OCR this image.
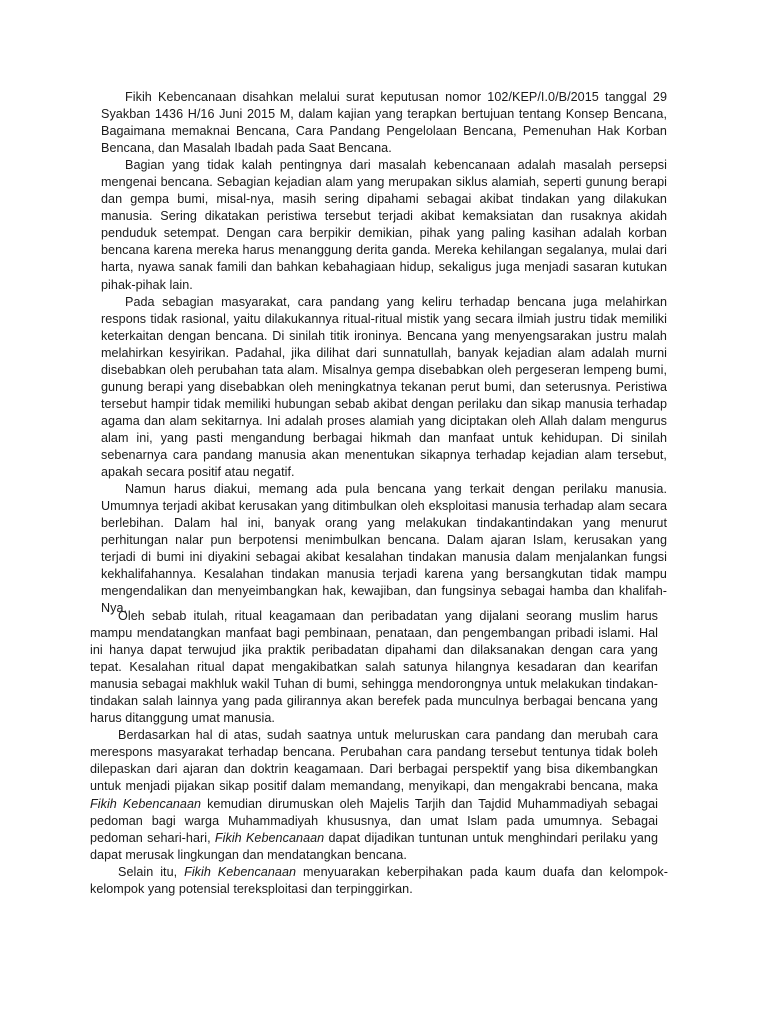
Fikih Kebencanaan disahkan melalui surat keputusan nomor 102/KEP/I.0/B/2015 tanggal 29 Syakban 1436 H/16 Juni 2015 M, dalam kajian yang terapkan bertujuan tentang Konsep Bencana, Bagaimana memaknai Bencana, Cara Pandang Pengelolaan Bencana, Pemenuhan Hak Korban Bencana, dan Masalah Ibadah pada Saat Bencana.

Bagian yang tidak kalah pentingnya dari masalah kebencanaan adalah masalah persepsi mengenai bencana. Sebagian kejadian alam yang merupakan siklus alamiah, seperti gunung berapi dan gempa bumi, misal-nya, masih sering dipahami sebagai akibat tindakan yang dilakukan manusia. Sering dikatakan peristiwa tersebut terjadi akibat kemaksiatan dan rusaknya akidah penduduk setempat. Dengan cara berpikir demikian, pihak yang paling kasihan adalah korban bencana karena mereka harus menanggung derita ganda. Mereka kehilangan segalanya, mulai dari harta, nyawa sanak famili dan bahkan kebahagiaan hidup, sekaligus juga menjadi sasaran kutukan pihak-pihak lain.

Pada sebagian masyarakat, cara pandang yang keliru terhadap bencana juga melahirkan respons tidak rasional, yaitu dilakukannya ritual-ritual mistik yang secara ilmiah justru tidak memiliki keterkaitan dengan bencana. Di sinilah titik ironinya. Bencana yang menyengsarakan justru malah melahirkan kesyirikan. Padahal, jika dilihat dari sunnatullah, banyak kejadian alam adalah murni disebabkan oleh perubahan tata alam. Misalnya gempa disebabkan oleh pergeseran lempeng bumi, gunung berapi yang disebabkan oleh meningkatnya tekanan perut bumi, dan seterusnya. Peristiwa tersebut hampir tidak memiliki hubungan sebab akibat dengan perilaku dan sikap manusia terhadap agama dan alam sekitarnya. Ini adalah proses alamiah yang diciptakan oleh Allah dalam mengurus alam ini, yang pasti mengandung berbagai hikmah dan manfaat untuk kehidupan. Di sinilah sebenarnya cara pandang manusia akan menentukan sikapnya terhadap kejadian alam tersebut, apakah secara positif atau negatif.

Namun harus diakui, memang ada pula bencana yang terkait dengan perilaku manusia. Umumnya terjadi akibat kerusakan yang ditimbulkan oleh eksploitasi manusia terhadap alam secara berlebihan. Dalam hal ini, banyak orang yang melakukan tindakantindakan yang menurut perhitungan nalar pun berpotensi menimbulkan bencana. Dalam ajaran Islam, kerusakan yang terjadi di bumi ini diyakini sebagai akibat kesalahan tindakan manusia dalam menjalankan fungsi kekhalifahannya. Kesalahan tindakan manusia terjadi karena yang bersangkutan tidak mampu mengendalikan dan menyeimbangkan hak, kewajiban, dan fungsinya sebagai hamba dan khalifah-Nya.

Oleh sebab itulah, ritual keagamaan dan peribadatan yang dijalani seorang muslim harus mampu mendatangkan manfaat bagi pembinaan, penataan, dan pengembangan pribadi islami. Hal ini hanya dapat terwujud jika praktik peribadatan dipahami dan dilaksanakan dengan cara yang tepat. Kesalahan ritual dapat mengakibatkan salah satunya hilangnya kesadaran dan kearifan manusia sebagai makhluk wakil Tuhan di bumi, sehingga mendorongnya untuk melakukan tindakan-tindakan salah lainnya yang pada gilirannya akan berefek pada munculnya berbagai bencana yang harus ditanggung umat manusia.

Berdasarkan hal di atas, sudah saatnya untuk meluruskan cara pandang dan merubah cara merespons masyarakat terhadap bencana. Perubahan cara pandang tersebut tentunya tidak boleh dilepaskan dari ajaran dan doktrin keagamaan. Dari berbagai perspektif yang bisa dikembangkan untuk menjadi pijakan sikap positif dalam memandang, menyikapi, dan mengakrabi bencana, maka Fikih Kebencanaan kemudian dirumuskan oleh Majelis Tarjih dan Tajdid Muhammadiyah sebagai pedoman bagi warga Muhammadiyah khususnya, dan umat Islam pada umumnya. Sebagai pedoman sehari-hari, Fikih Kebencanaan dapat dijadikan tuntunan untuk menghindari perilaku yang dapat merusak lingkungan dan mendatangkan bencana.

Selain itu, Fikih Kebencanaan menyuarakan keberpihakan pada kaum duafa dan kelompok-kelompok yang potensial tereksploitasi dan terpinggirkan.
